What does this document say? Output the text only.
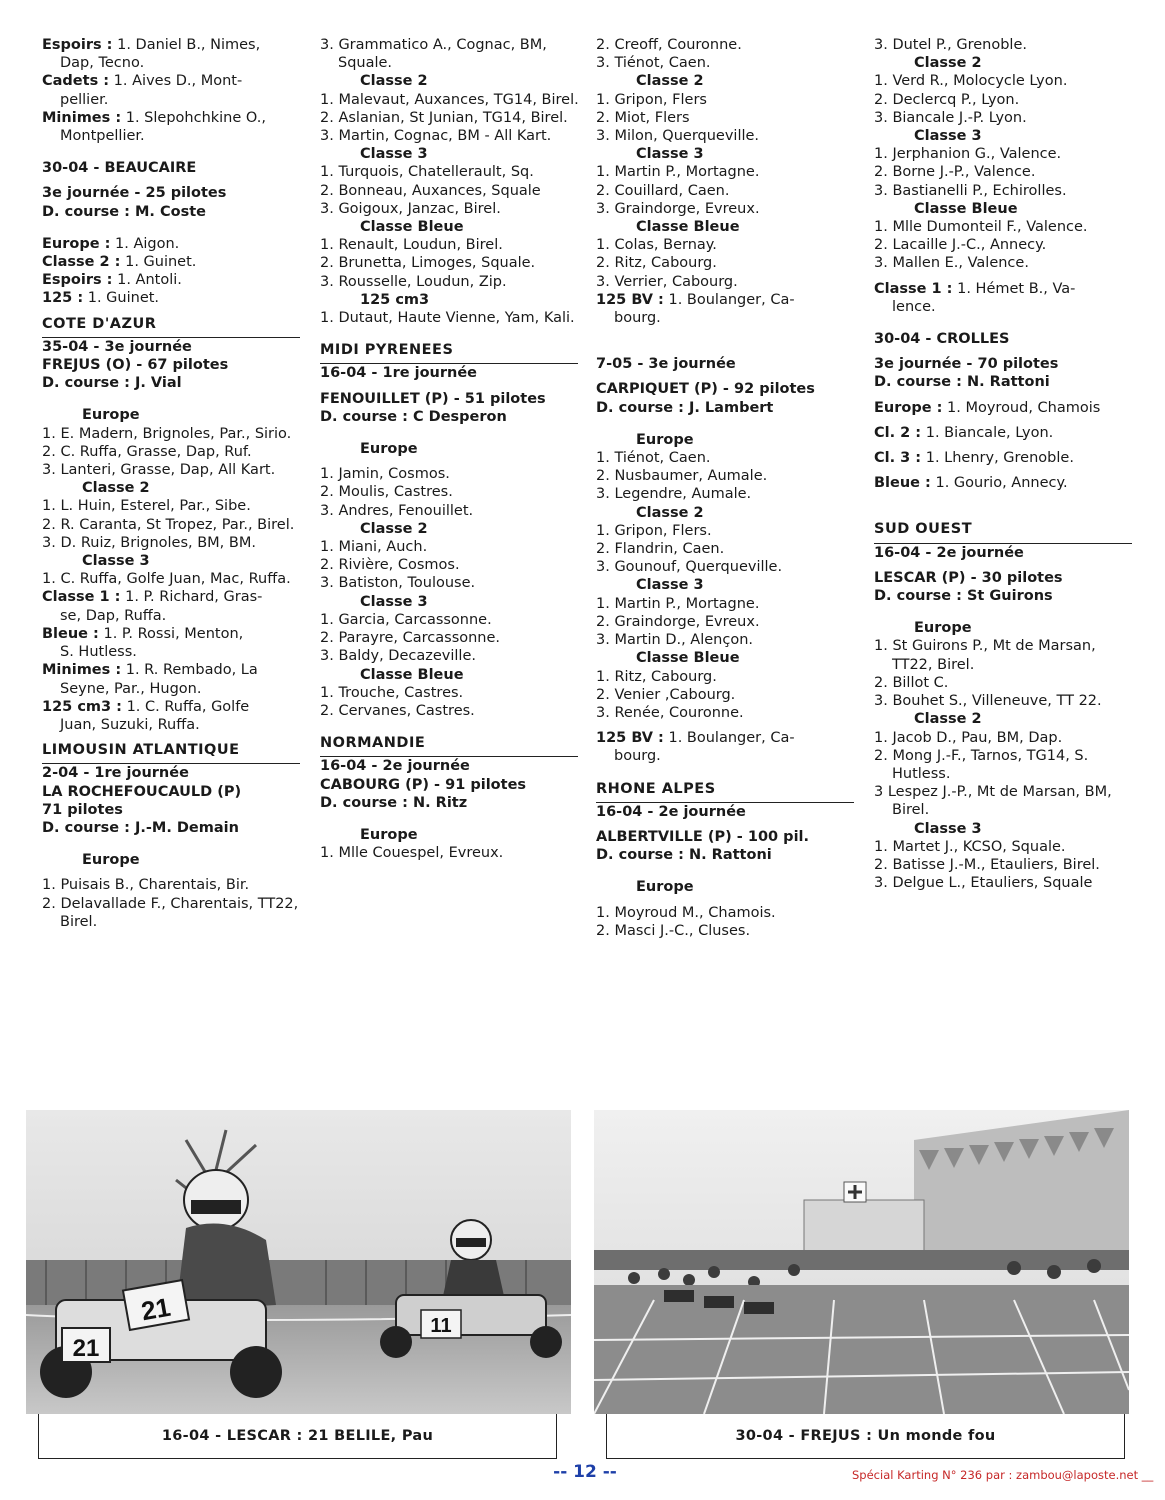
Espoirs : 1. Daniel B., Nimes,

Dap, Tecno.

Cadets : 1. Aives D., Mont-

pellier.

Minimes : 1. Slepohchkine O.,

Montpellier.

30-04 - BEAUCAIRE

3e journée - 25 pilotes

D. course : M. Coste

Europe : 1. Aigon.

Classe 2 : 1. Guinet.

Espoirs : 1. Antoli.

125 : 1. Guinet.

COTE D'AZUR

35-04 - 3e journée

FREJUS (O) - 67 pilotes

D. course : J. Vial

Europe

1. E. Madern, Brignoles, Par., Sirio.

2. C. Ruffa, Grasse, Dap, Ruf.

3. Lanteri, Grasse, Dap, All Kart.

Classe 2

1. L. Huin, Esterel, Par., Sibe.

2. R. Caranta, St Tropez, Par., Birel.

3. D. Ruiz, Brignoles, BM, BM.

Classe 3

1. C. Ruffa, Golfe Juan, Mac, Ruffa.

Classe 1 : 1. P. Richard, Gras-

se, Dap, Ruffa.

Bleue : 1. P. Rossi, Menton,

S. Hutless.

Minimes : 1. R. Rembado, La

Seyne, Par., Hugon.

125 cm3 : 1. C. Ruffa, Golfe

Juan, Suzuki, Ruffa.

LIMOUSIN ATLANTIQUE

2-04 - 1re journée

LA ROCHEFOUCAULD (P)

71 pilotes

D. course : J.-M. Demain

Europe

1. Puisais B., Charentais, Bir.

2. Delavallade F., Charentais, TT22, Birel.

3. Grammatico A., Cognac, BM, Squale.

Classe 2

1. Malevaut, Auxances, TG14, Birel.

2. Aslanian, St Junian, TG14, Birel.

3. Martin, Cognac, BM - All Kart.

Classe 3

1. Turquois, Chatellerault, Sq.

2. Bonneau, Auxances, Squale

3. Goigoux, Janzac, Birel.

Classe Bleue

1. Renault, Loudun, Birel.

2. Brunetta, Limoges, Squale.

3. Rousselle, Loudun, Zip.

125 cm3

1. Dutaut, Haute Vienne, Yam, Kali.

MIDI PYRENEES

16-04 - 1re journée

FENOUILLET (P) - 51 pilotes

D. course : C Desperon

Europe

1. Jamin, Cosmos.

2. Moulis, Castres.

3. Andres, Fenouillet.

Classe 2

1. Miani, Auch.

2. Rivière, Cosmos.

3. Batiston, Toulouse.

Classe 3

1. Garcia, Carcassonne.

2. Parayre, Carcassonne.

3. Baldy, Decazeville.

Classe Bleue

1. Trouche, Castres.

2. Cervanes, Castres.

NORMANDIE

16-04 - 2e journée

CABOURG (P) - 91 pilotes

D. course : N. Ritz

Europe

1. Mlle Couespel, Evreux.

2. Creoff, Couronne.

3. Tiénot, Caen.

Classe 2

1. Gripon, Flers

2. Miot, Flers

3. Milon, Querqueville.

Classe 3

1. Martin P., Mortagne.

2. Couillard, Caen.

3. Graindorge, Evreux.

Classe Bleue

1. Colas, Bernay.

2. Ritz, Cabourg.

3. Verrier, Cabourg.

125 BV : 1. Boulanger, Ca-

bourg.

7-05 - 3e journée

CARPIQUET (P) - 92 pilotes

D. course : J. Lambert

Europe

1. Tiénot, Caen.

2. Nusbaumer, Aumale.

3. Legendre, Aumale.

Classe 2

1. Gripon, Flers.

2. Flandrin, Caen.

3. Gounouf, Querqueville.

Classe 3

1. Martin P., Mortagne.

2. Graindorge, Evreux.

3. Martin D., Alençon.

Classe Bleue

1. Ritz, Cabourg.

2. Venier ,Cabourg.

3. Renée, Couronne.

125 BV : 1. Boulanger, Ca-

bourg.

RHONE ALPES

16-04 - 2e journée

ALBERTVILLE (P) - 100 pil.

D. course : N. Rattoni

Europe

1. Moyroud M., Chamois.

2. Masci J.-C., Cluses.

3. Dutel P., Grenoble.

Classe 2

1. Verd R., Molocycle Lyon.

2. Declercq P., Lyon.

3. Biancale J.-P. Lyon.

Classe 3

1. Jerphanion G., Valence.

2. Borne J.-P., Valence.

3. Bastianelli P., Echirolles.

Classe Bleue

1. Mlle Dumonteil F., Valence.

2. Lacaille J.-C., Annecy.

3. Mallen E., Valence.

Classe 1 : 1. Hémet B., Va-

lence.

30-04 - CROLLES

3e journée - 70 pilotes

D. course : N. Rattoni

Europe : 1. Moyroud, Chamois

Cl. 2 : 1. Biancale, Lyon.

Cl. 3 : 1. Lhenry, Grenoble.

Bleue : 1. Gourio, Annecy.

SUD OUEST

16-04 - 2e journée

LESCAR (P) - 30 pilotes

D. course : St Guirons

Europe

1. St Guirons P., Mt de Marsan, TT22, Birel.

2. Billot C.

3. Bouhet S., Villeneuve, TT 22.

Classe 2

1. Jacob D., Pau, BM, Dap.

2. Mong J.-F., Tarnos, TG14, S. Hutless.

3 Lespez J.-P., Mt de Marsan, BM, Birel.

Classe 3

1. Martet J., KCSO, Squale.

2. Batisse J.-M., Etauliers, Birel.

3. Delgue L., Etauliers, Squale

21
21
11
16-04 - LESCAR : 21 BELILE, Pau	30-04 - FREJUS : Un monde fou
-- 12 --	Spécial Karting N° 236 par : zambou@laposte.net __
